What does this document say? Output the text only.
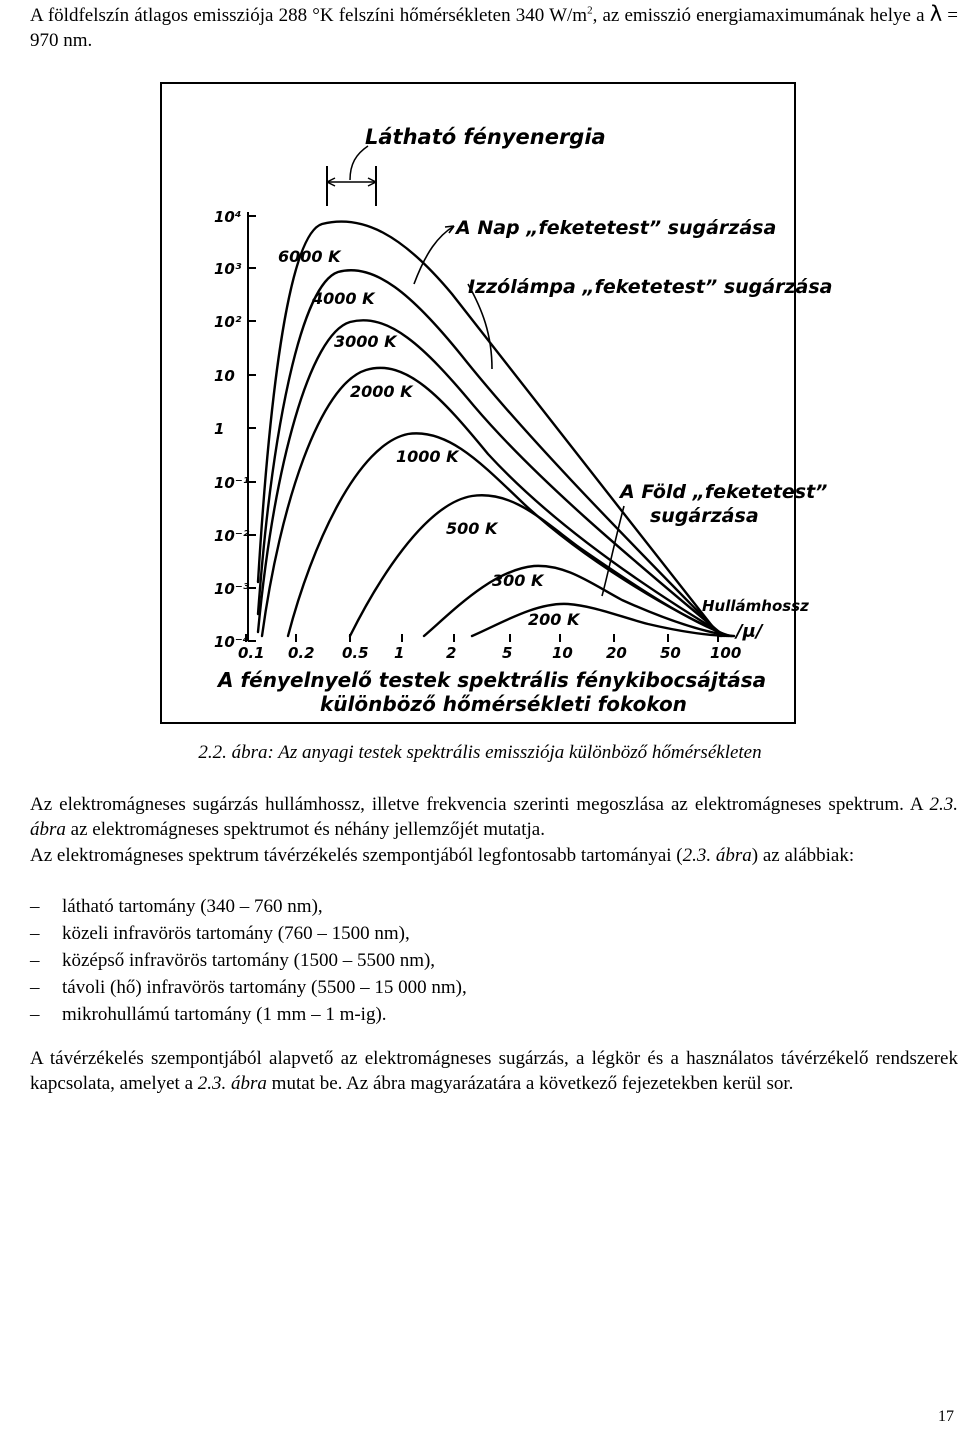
A földfelszín átlagos emissziója 288 °K felszíni hőmérsékleten 340 $W/m^2$, az emisszió energiamaximumának helye a λ = 970 nm.

Látható fényenergia
10⁴
10³
10²
10
1
10⁻¹
10⁻²
10⁻³
10⁻⁴
0.1 0.2 0.5 1	2	5	10 20 50 100
6000 K
4000 K
3000 K
2000 K
1000 K
500 K
300 K
200 K
A Nap „feketetest” sugárzása
Izzólámpa „feketetest” sugárzása
A Föld „feketetest”
sugárzása
Hullámhossz
/μ/
A fényelnyelő testek spektrális fénykibocsájtása
különböző hőmérsékleti fokokon
2.2. ábra: Az anyagi testek spektrális emissziója különböző hőmérsékleten

Az elektromágneses sugárzás hullámhossz, illetve frekvencia szerinti megoszlása az elektromágneses spektrum. A 2.3. ábra az elektromágneses spektrumot és néhány jellemzőjét mutatja.

Az elektromágneses spektrum távérzékelés szempontjából legfontosabb tartományai (2.3. ábra) az alábbiak:

–	látható tartomány (340 – 760 nm),
–	közeli infravörös tartomány (760 – 1500 nm),
–	középső infravörös tartomány (1500 – 5500 nm),
–	távoli (hő) infravörös tartomány (5500 – 15 000 nm),
–	mikrohullámú tartomány (1 mm – 1 m-ig).

A távérzékelés szempontjából alapvető az elektromágneses sugárzás, a légkör és a használatos távérzékelő rendszerek kapcsolata, amelyet a 2.3. ábra mutat be. Az ábra magyarázatára a következő fejezetekben kerül sor.

17
